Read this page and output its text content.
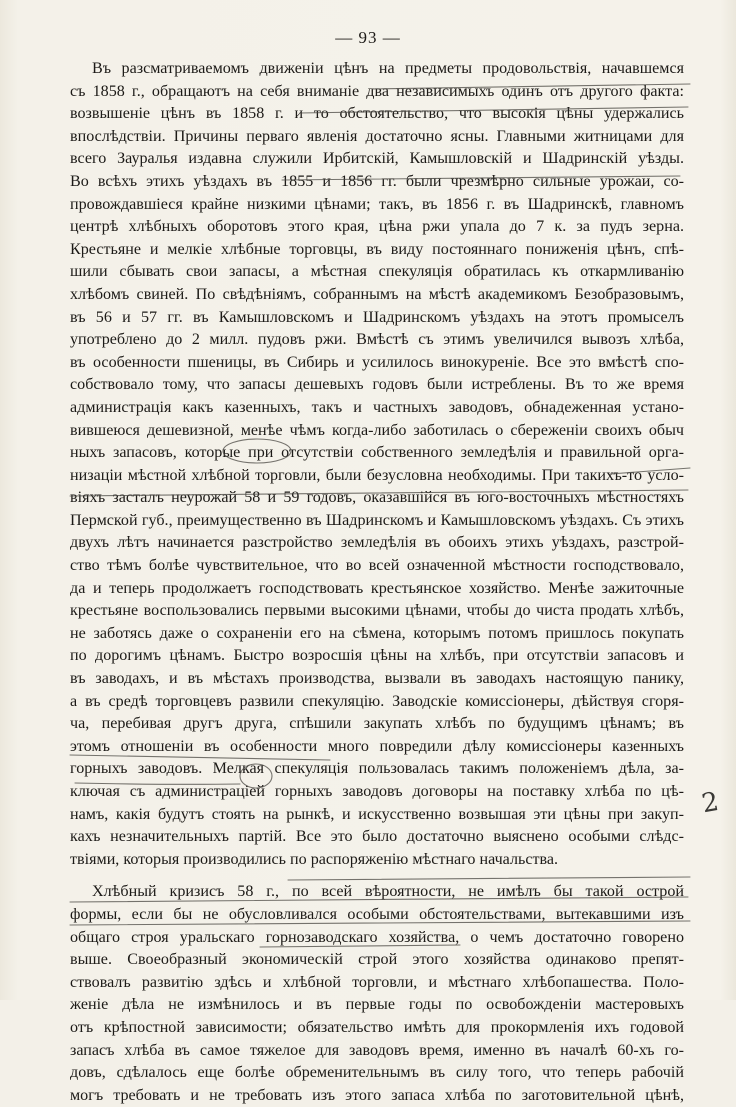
— 93 —
Въ разсматриваемомъ движеніи цѣнъ на предметы продовольствія, начавшемся
съ 1858 г., обращаютъ на себя вниманіе два независимыхъ одинъ отъ другого факта:
возвышеніе цѣнъ въ 1858 г. и то обстоятельство, что высокія цѣны удержались
впослѣдствіи. Причины перваго явленія достаточно ясны. Главными житницами для
всего Зауралья издавна служили Ирбитскій, Камышловскій и Шадринскій уѣзды.
Во всѣхъ этихъ уѣздахъ въ 1855 и 1856 гг. были чрезмѣрно сильные урожаи, со-
провождавшіеся крайне низкими цѣнами; такъ, въ 1856 г. въ Шадринскѣ, главномъ
центрѣ хлѣбныхъ оборотовъ этого края, цѣна ржи упала до 7 к. за пудъ зерна.
Крестьяне и мелкіе хлѣбные торговцы, въ виду постояннаго пониженія цѣнъ, спѣ-
шили сбывать свои запасы, а мѣстная спекуляція обратилась къ откармливанію
хлѣбомъ свиней. По свѣдѣніямъ, собраннымъ на мѣстѣ академикомъ Безобразовымъ,
въ 56 и 57 гг. въ Камышловскомъ и Шадринскомъ уѣздахъ на этотъ промыселъ
употреблено до 2 милл. пудовъ ржи. Вмѣстѣ съ этимъ увеличился вывозъ хлѣба,
въ особенности пшеницы, въ Сибирь и усилилось винокуреніе. Все это вмѣстѣ спо-
собствовало тому, что запасы дешевыхъ годовъ были истреблены. Въ то же время
администрація какъ казенныхъ, такъ и частныхъ заводовъ, обнадеженная устано-
вившеюся дешевизной, менѣе чѣмъ когда-либо заботилась о сбереженіи своихъ обыч
ныхъ запасовъ, которые при отсутствіи собственного земледѣлія и правильной орга-
низаціи мѣстной хлѣбной торговли, были безусловна необходимы. При такихъ-то усло-
віяхъ засталъ неурожай 58 и 59 годовъ, оказавшійся въ юго-восточныхъ мѣстностяхъ
Пермской губ., преимущественно въ Шадринскомъ и Камышловскомъ уѣздахъ. Съ этихъ
двухъ лѣтъ начинается разстройство земледѣлія въ обоихъ этихъ уѣздахъ, разстрой-
ство тѣмъ болѣе чувствительное, что во всей означенной мѣстности господствовало,
да и теперь продолжаетъ господствовать крестьянское хозяйство. Менѣе зажиточные
крестьяне воспользовались первыми высокими цѣнами, чтобы до чиста продать хлѣбъ,
не заботясь даже о сохраненіи его на сѣмена, которымъ потомъ пришлось покупать
по дорогимъ цѣнамъ. Быстро возросшія цѣны на хлѣбъ, при отсутствіи запасовъ и
въ заводахъ, и въ мѣстахъ производства, вызвали въ заводахъ настоящую панику,
а въ средѣ торговцевъ развили спекуляцію. Заводскіе комиссіонеры, дѣйствуя сгоря-
ча, перебивая другъ друга, спѣшили закупать хлѣбъ по будущимъ цѣнамъ; въ
этомъ отношеніи въ особенности много повредили дѣлу комиссіонеры казенныхъ
горныхъ заводовъ. Мелкая спекуляція пользовалась такимъ положеніемъ дѣла, за-
ключая съ администраціей горныхъ заводовъ договоры на поставку хлѣба по цѣ-
намъ, какія будутъ стоять на рынкѣ, и искусственно возвышая эти цѣны при закуп-
кахъ незначительныхъ партій. Все это было достаточно выяснено особыми слѣдс-
твіями, которыя производились по распоряженію мѣстнаго начальства.
Хлѣбный кризисъ 58 г., по всей вѣроятности, не имѣлъ бы такой острой
формы, если бы не обусловливался особыми обстоятельствами, вытекавшими изъ
общаго строя уральскаго горнозаводскаго хозяйства, о чемъ достаточно говорено
выше. Своеобразный экономическій строй этого хозяйства одинаково препят-
ствовалъ развитію здѣсь и хлѣбной торговли, и мѣстнаго хлѣбопашества. Поло-
женіе дѣла не измѣнилось и въ первые годы по освобожденіи мастеровыхъ
отъ крѣпостной зависимости; обязательство имѣть для прокормленія ихъ годовой
запасъ хлѣба въ самое тяжелое для заводовъ время, именно въ началѣ 60-хъ го-
довъ, сдѣлалось еще болѣе обременительнымъ въ силу того, что теперь рабочій
могъ требовать и не требовать изъ этого запаса хлѣба по заготовительной цѣнѣ,
2
